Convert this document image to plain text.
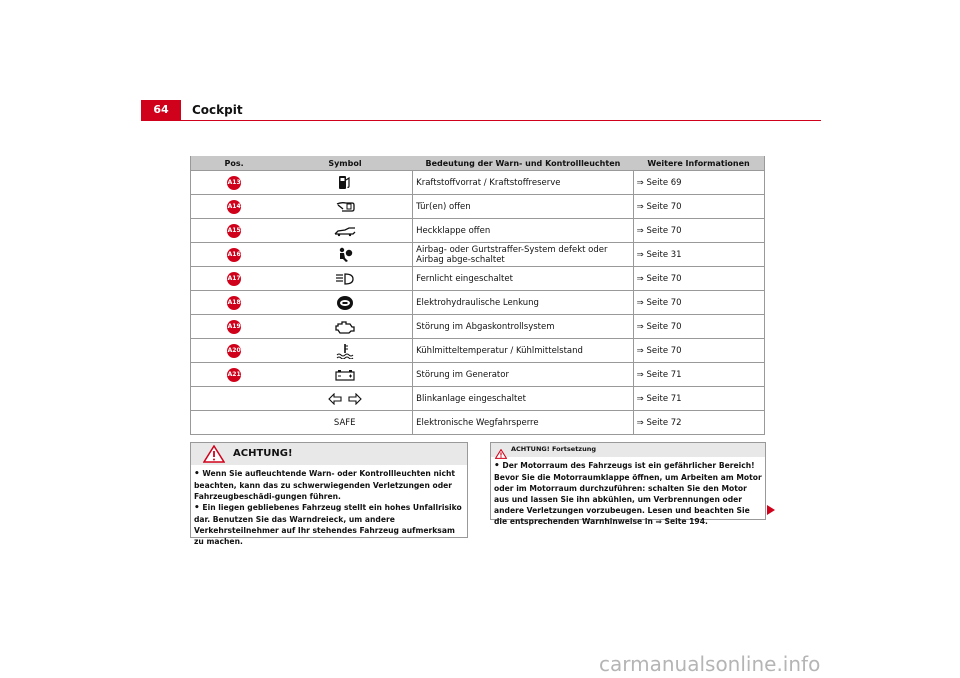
64	Cockpit
Pos.	Symbol	Bedeutung der Warn- und Kontrollleuchten	Weitere Informationen
A13		Kraftstoffvorrat / Kraftstoffreserve	⇒ Seite 69
A14		Tür(en) offen	⇒ Seite 70
A15		Heckklappe offen	⇒ Seite 70
A16		Airbag- oder Gurtstraffer-System defekt oder Airbag abge-schaltet	⇒ Seite 31
A17		Fernlicht eingeschaltet	⇒ Seite 70
A18		Elektrohydraulische Lenkung	⇒ Seite 70
A19		Störung im Abgaskontrollsystem	⇒ Seite 70
A20		Kühlmitteltemperatur / Kühlmittelstand	⇒ Seite 70
A21		Störung im Generator	⇒ Seite 71
		Blinkanlage eingeschaltet	⇒ Seite 71
	SAFE	Elektronische Wegfahrsperre	⇒ Seite 72
ACHTUNG!

• Wenn Sie aufleuchtende Warn- oder Kontrollleuchten nicht beachten, kann das zu schwerwiegenden Verletzungen oder Fahrzeugbeschädi-gungen führen.

• Ein liegen gebliebenes Fahrzeug stellt ein hohes Unfallrisiko dar. Benutzen Sie das Warndreieck, um andere Verkehrsteilnehmer auf Ihr stehendes Fahrzeug aufmerksam zu machen.

ACHTUNG! Fortsetzung

• Der Motorraum des Fahrzeugs ist ein gefährlicher Bereich! Bevor Sie die Motorraumklappe öffnen, um Arbeiten am Motor oder im Motorraum durchzuführen: schalten Sie den Motor aus und lassen Sie ihn abkühlen, um Verbrennungen oder andere Verletzungen vorzubeugen. Lesen und beachten Sie die entsprechenden Warnhinweise in ⇒ Seite 194.

carmanualsonline.info
